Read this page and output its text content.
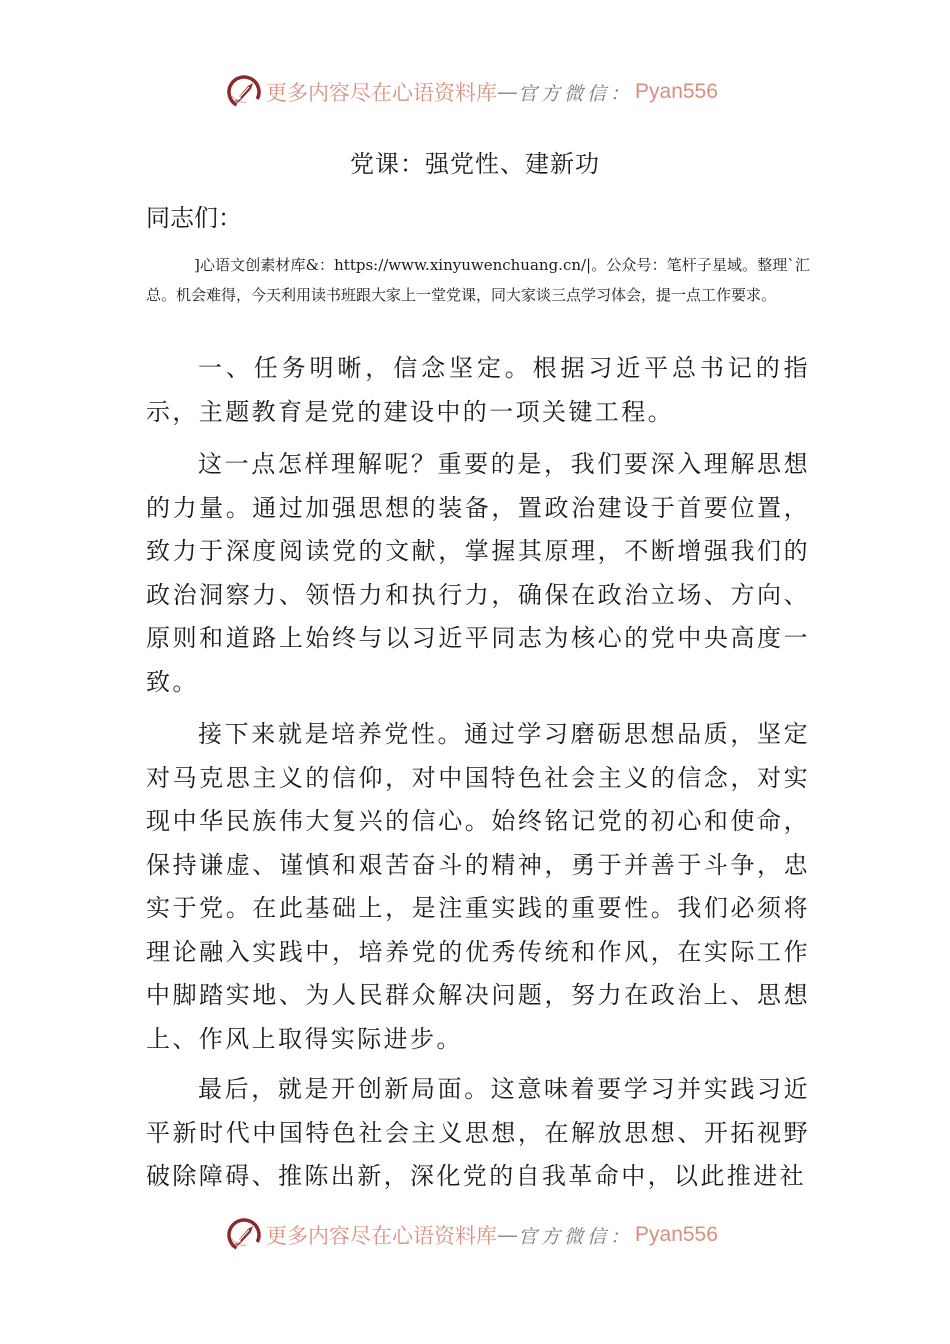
更多内容尽在心语资料库 — 官方微信： Pyan556
党课：强党性、建新功
同志们：
]心语文创素材库&：https://www.xinyuwenchuang.cn/|。公众号：笔杆子星域。整理`汇总。机会难得，今天利用读书班跟大家上一堂党课，同大家谈三点学习体会，提一点工作要求。

一、任务明晰，信念坚定。根据习近平总书记的指示，主题教育是党的建设中的一项关键工程。

这一点怎样理解呢？重要的是，我们要深入理解思想的力量。通过加强思想的装备，置政治建设于首要位置，致力于深度阅读党的文献，掌握其原理，不断增强我们的政治洞察力、领悟力和执行力，确保在政治立场、方向、原则和道路上始终与以习近平同志为核心的党中央高度一致。

接下来就是培养党性。通过学习磨砺思想品质，坚定对马克思主义的信仰，对中国特色社会主义的信念，对实现中华民族伟大复兴的信心。始终铭记党的初心和使命，保持谦虚、谨慎和艰苦奋斗的精神，勇于并善于斗争，忠实于党。在此基础上，是注重实践的重要性。我们必须将理论融入实践中，培养党的优秀传统和作风，在实际工作中脚踏实地、为人民群众解决问题，努力在政治上、思想上、作风上取得实际进步。

最后，就是开创新局面。这意味着要学习并实践习近平新时代中国特色社会主义思想，在解放思想、开拓视野破除障碍、推陈出新，深化党的自我革命中，以此推进社

更多内容尽在心语资料库 — 官方微信： Pyan556
